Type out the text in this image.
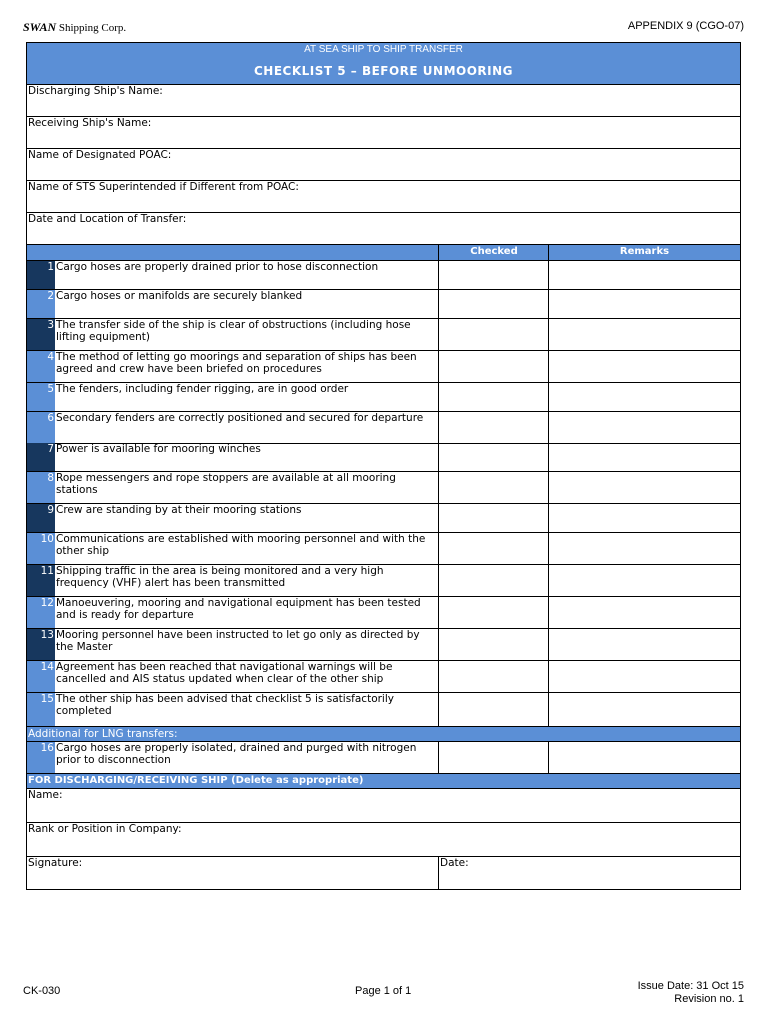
SWAN Shipping Corp.	APPENDIX 9 (CGO-07)
AT SEA SHIP TO SHIP TRANSFER
CHECKLIST 5 – BEFORE UNMOORING
Discharging Ship's Name:
Receiving Ship's Name:
Name of Designated POAC:
Name of STS Superintended if Different from POAC:
Date and Location of Transfer:
Checked	Remarks
1 Cargo hoses are properly drained prior to hose disconnection
2 Cargo hoses or manifolds are securely blanked
3 The transfer side of the ship is clear of obstructions (including hose lifting equipment)
4 The method of letting go moorings and separation of ships has been agreed and crew have been briefed on procedures
5 The fenders, including fender rigging, are in good order
6 Secondary fenders are correctly positioned and secured for departure
7 Power is available for mooring winches
8 Rope messengers and rope stoppers are available at all mooring stations
9 Crew are standing by at their mooring stations
10 Communications are established with mooring personnel and with the other ship
11 Shipping traffic in the area is being monitored and a very high frequency (VHF) alert has been transmitted
12 Manoeuvering, mooring and navigational equipment has been tested and is ready for departure
13 Mooring personnel have been instructed to let go only as directed by the Master
14 Agreement has been reached that navigational warnings will be cancelled and AIS status updated when clear of the other ship
15 The other ship has been advised that checklist 5 is satisfactorily completed
Additional for LNG transfers:
16 Cargo hoses are properly isolated, drained and purged with nitrogen prior to disconnection
FOR DISCHARGING/RECEIVING SHIP (Delete as appropriate)
Name:
Rank or Position in Company:
Signature:	Date:
CK-030	Page 1 of 1	Issue Date: 31 Oct 15
Revision no. 1
